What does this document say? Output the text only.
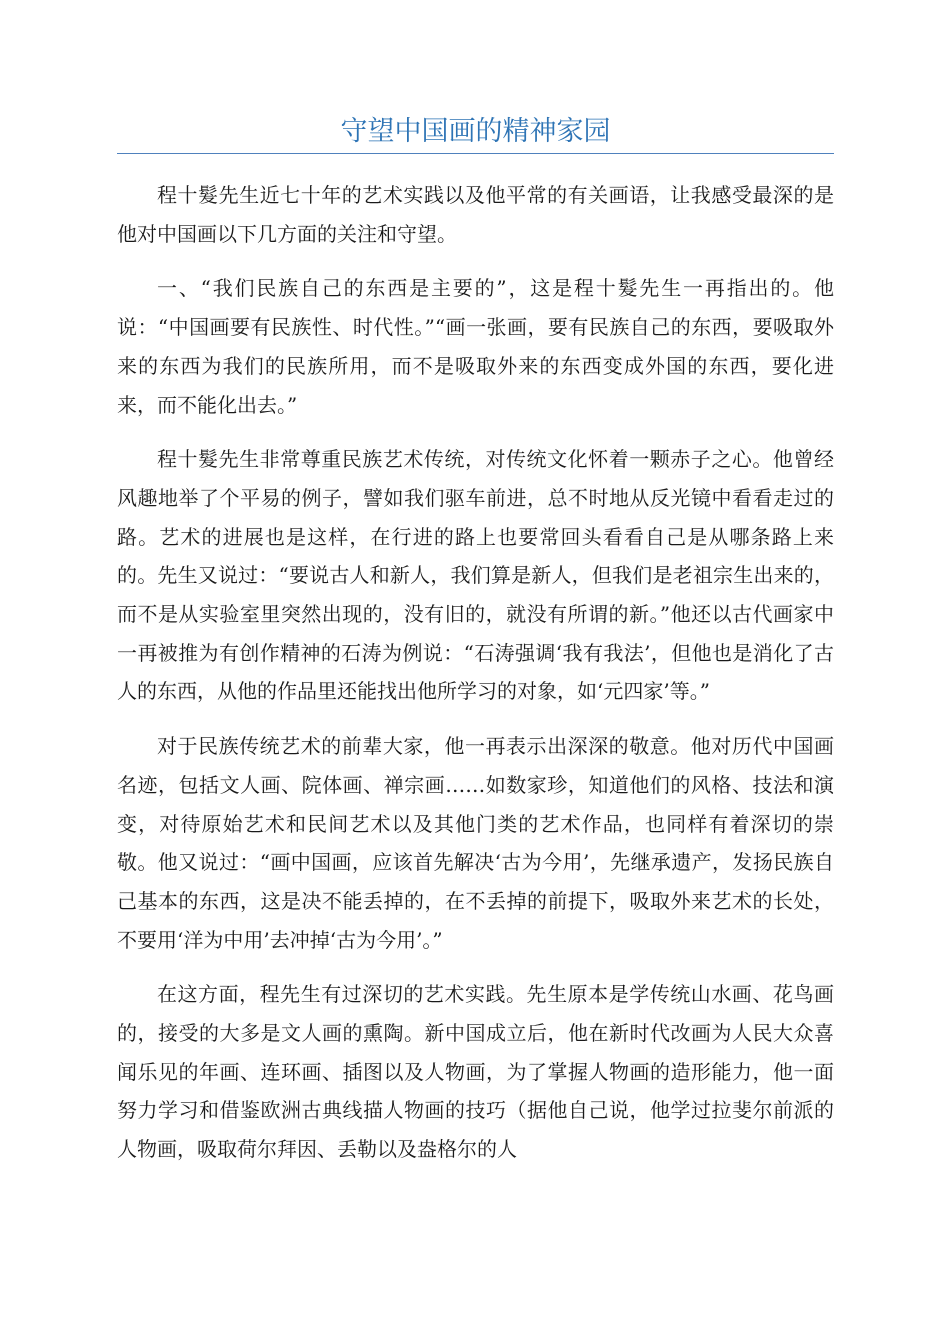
守望中国画的精神家园

程十髮先生近七十年的艺术实践以及他平常的有关画语，让我感受最深的是他对中国画以下几方面的关注和守望。

一、“我们民族自己的东西是主要的”，这是程十髮先生一再指出的。他说：“中国画要有民族性、时代性。”“画一张画，要有民族自己的东西，要吸取外来的东西为我们的民族所用，而不是吸取外来的东西变成外国的东西，要化进来，而不能化出去。”

程十髮先生非常尊重民族艺术传统，对传统文化怀着一颗赤子之心。他曾经风趣地举了个平易的例子，譬如我们驱车前进，总不时地从反光镜中看看走过的路。艺术的进展也是这样，在行进的路上也要常回头看看自己是从哪条路上来的。先生又说过：“要说古人和新人，我们算是新人，但我们是老祖宗生出来的，而不是从实验室里突然出现的，没有旧的，就没有所谓的新。”他还以古代画家中一再被推为有创作精神的石涛为例说：“石涛强调‘我有我法’，但他也是消化了古人的东西，从他的作品里还能找出他所学习的对象，如‘元四家’等。”

对于民族传统艺术的前辈大家，他一再表示出深深的敬意。他对历代中国画名迹，包括文人画、院体画、禅宗画……如数家珍，知道他们的风格、技法和演变，对待原始艺术和民间艺术以及其他门类的艺术作品，也同样有着深切的崇敬。他又说过：“画中国画，应该首先解决‘古为今用’，先继承遗产，发扬民族自己基本的东西，这是决不能丢掉的，在不丢掉的前提下，吸取外来艺术的长处，不要用‘洋为中用’去冲掉‘古为今用’。”

在这方面，程先生有过深切的艺术实践。先生原本是学传统山水画、花鸟画的，接受的大多是文人画的熏陶。新中国成立后，他在新时代改画为人民大众喜闻乐见的年画、连环画、插图以及人物画，为了掌握人物画的造形能力，他一面努力学习和借鉴欧洲古典线描人物画的技巧（据他自己说，他学过拉斐尔前派的人物画，吸取荷尔拜因、丢勒以及盎格尔的人
